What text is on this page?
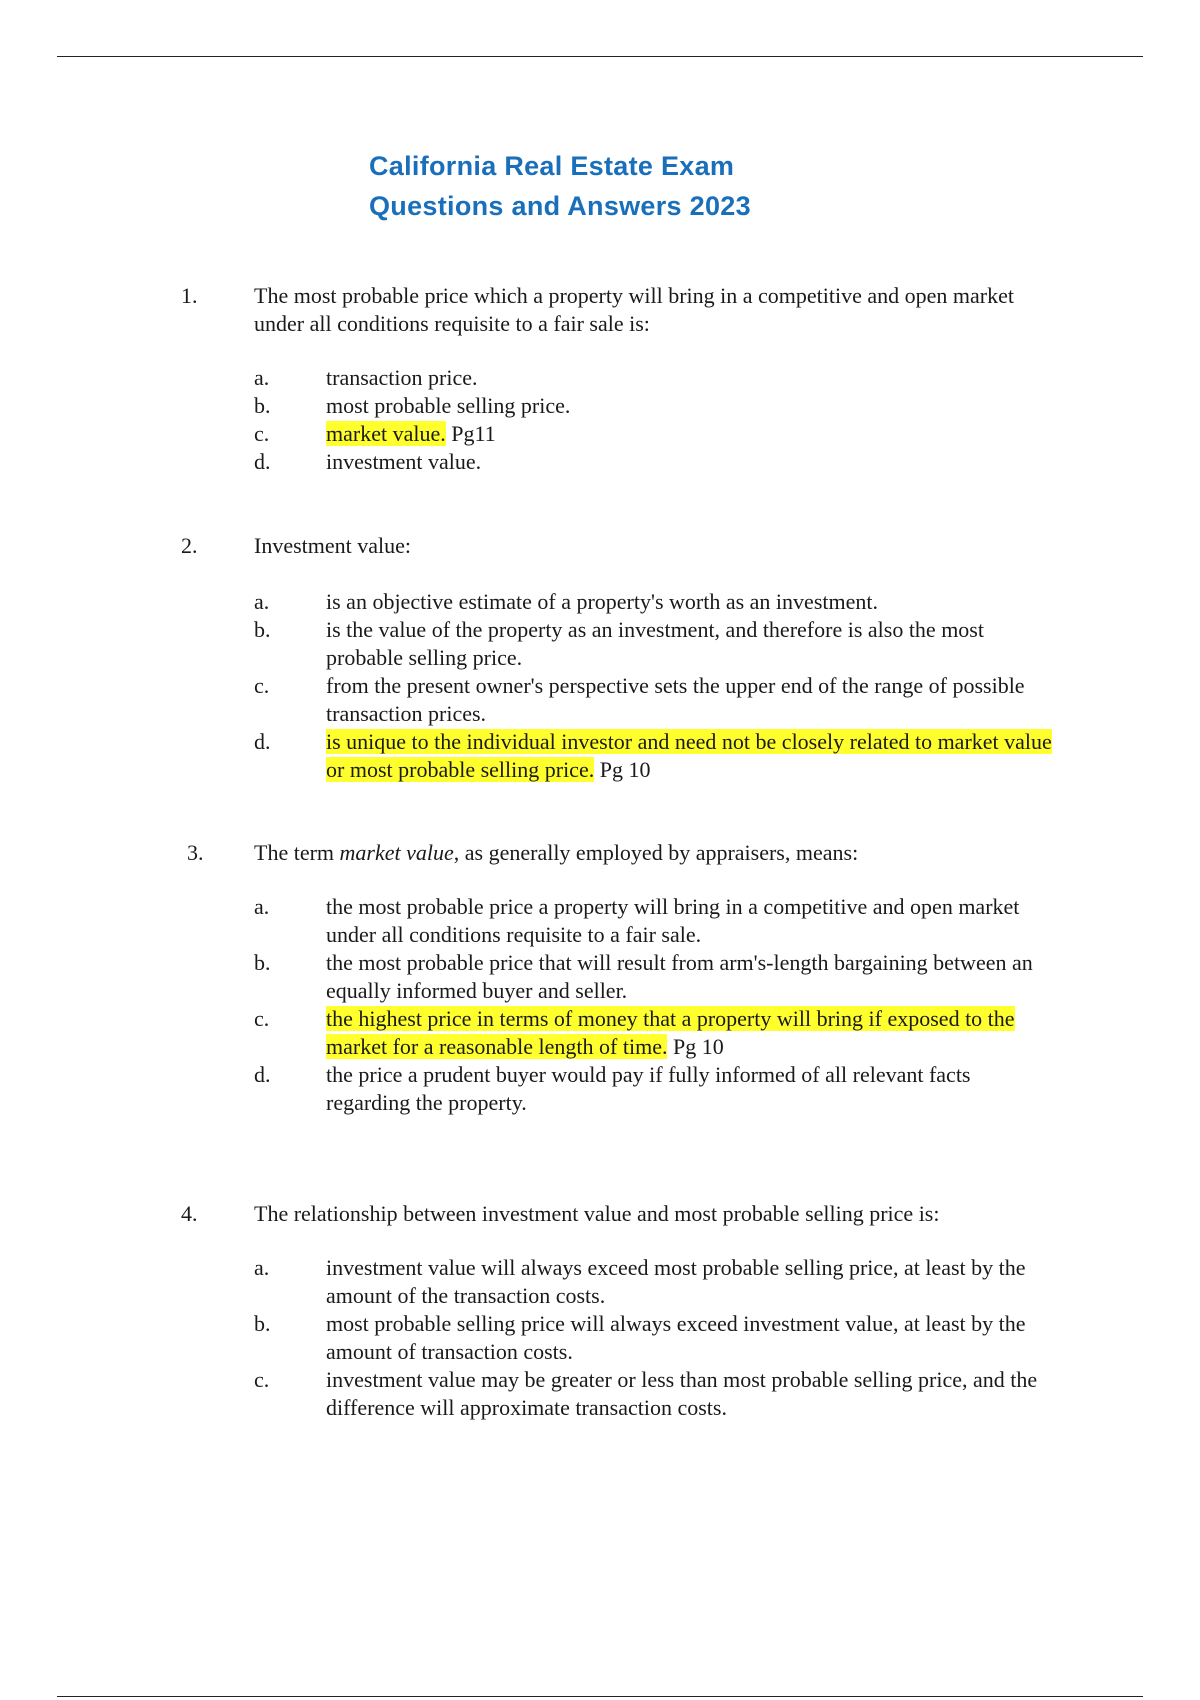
California Real Estate Exam
Questions and Answers 2023
1.	The most probable price which a property will bring in a competitive and open market under all conditions requisite to a fair sale is:
a.	transaction price.
b.	most probable selling price.
c.	market value. Pg11
d.	investment value.
2.	Investment value:
a.	is an objective estimate of a property's worth as an investment.
b.	is the value of the property as an investment, and therefore is also the most probable selling price.
c.	from the present owner's perspective sets the upper end of the range of possible transaction prices.
d.	is unique to the individual investor and need not be closely related to market value or most probable selling price. Pg 10
3. The term market value, as generally employed by appraisers, means:
a.	the most probable price a property will bring in a competitive and open market under all conditions requisite to a fair sale.
b.	the most probable price that will result from arm's-length bargaining between an equally informed buyer and seller.
c.	the highest price in terms of money that a property will bring if exposed to the market for a reasonable length of time. Pg 10
d.	the price a prudent buyer would pay if fully informed of all relevant facts regarding the property.
4.	The relationship between investment value and most probable selling price is:
a.	investment value will always exceed most probable selling price, at least by the amount of the transaction costs.
b.	most probable selling price will always exceed investment value, at least by the amount of transaction costs.
c.	investment value may be greater or less than most probable selling price, and the difference will approximate transaction costs.
